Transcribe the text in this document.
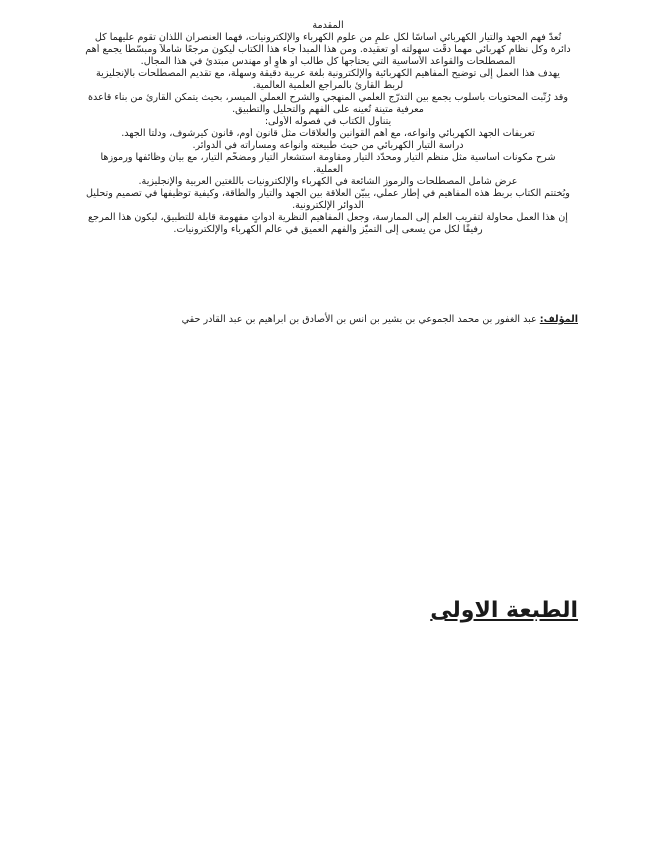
المقدمة
تُعدّ فهم الجهد والتيار الكهربائي أساسًا لكل علمٍ من علوم الكهرباء والإلكترونيات، فهما العنصران اللذان تقوم عليهما كل
دائرة وكل نظام كهربائي مهما دقّت سهولته أو تعقيده. ومن هذا المبدأ جاء هذا الكتاب ليكون مرجعًا شاملاً ومبسّطًا يجمع أهم
المصطلحات والقواعد الأساسية التي يحتاجها كل طالب أو هاوٍ أو مهندس مبتدئ في هذا المجال.
يهدف هذا العمل إلى توضيح المفاهيم الكهربائية والإلكترونية بلغة عربية دقيقة وسهلة، مع تقديم المصطلحات بالإنجليزية
لربط القارئ بالمراجع العلمية العالمية.
وقد رُتّبت المحتويات بأسلوب يجمع بين التدرّج العلمي المنهجي والشرح العملي الميسر، بحيث يتمكن القارئ من بناء قاعدة
معرفية متينة تُعينه على الفهم والتحليل والتطبيق.
يتناول الكتاب في فصوله الأولى:
تعريفات الجهد الكهربائي وأنواعه، مع أهم القوانين والعلاقات مثل قانون أوم، قانون كيرشوف، ودلتا الجهد.
دراسة التيار الكهربائي من حيث طبيعته وأنواعه ومساراته في الدوائر.
شرح مكونات أساسية مثل منظّم التيار ومحدّد التيار ومقاومة استشعار التيار ومضخّم التيار، مع بيان وظائفها ورموزها
العملية.
عرض شامل المصطلحات والرموز الشائعة في الكهرباء والإلكترونيات باللغتين العربية والإنجليزية.
ويُختتم الكتاب بربط هذه المفاهيم في إطار عملي، يبيّن العلاقة بين الجهد والتيار والطاقة، وكيفية توظيفها في تصميم وتحليل
الدوائر الإلكترونية.
إن هذا العمل محاولة لتقريب العلم إلى الممارسة، وجعل المفاهيم النظرية أدواتٍ مفهومة قابلة للتطبيق، ليكون هذا المرجع
رفيقًا لكل من يسعى إلى التميّز والفهم العميق في عالم الكهرباء والإلكترونيات.
المؤلف: عبد الغفور بن محمد الجموعي بن بشير بن انس بن الأصادق بن ابراهيم بن عبد القادر حقي
الطبعة الاولى
